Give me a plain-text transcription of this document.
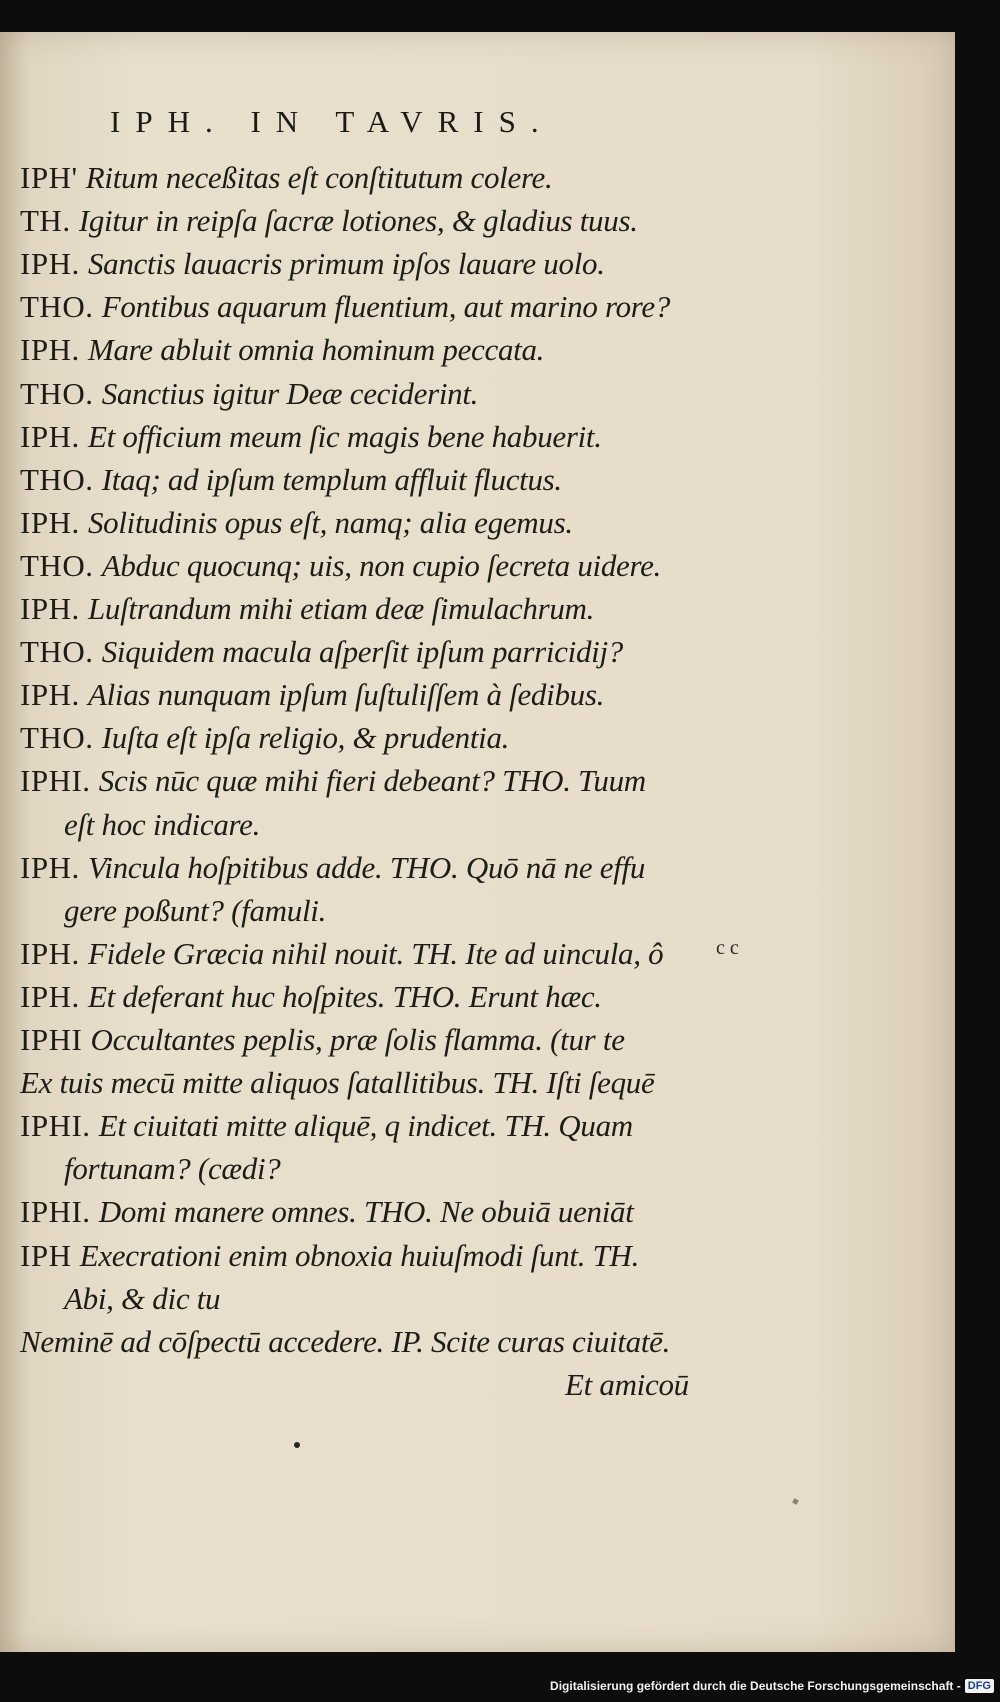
IPH. IN TAVRIS.
IPH' Ritum neceßitas eſt conſtitutum colere.
TH. Igitur in reipſa ſacræ lotiones, & gladius tuus.
IPH. Sanctis lauacris primum ipſos lauare uolo.
THO. Fontibus aquarum fluentium, aut marino rore?
IPH. Mare abluit omnia hominum peccata.
THO. Sanctius igitur Deæ ceciderint.
IPH. Et officium meum ſic magis bene habuerit.
THO. Itaq; ad ipſum templum affluit fluctus.
IPH. Solitudinis opus eſt, namq; alia egemus.
THO. Abduc quocunq; uis, non cupio ſecreta uidere.
IPH. Luſtrandum mihi etiam deæ ſimulachrum.
THO. Siquidem macula aſperſit ipſum parricidij?
IPH. Alias nunquam ipſum ſuſtuliſſem à ſedibus.
THO. Iuſta eſt ipſa religio, & prudentia.
IPHI. Scis nūc quæ mihi fieri debeant? THO. Tuum
eſt hoc indicare.
IPH. Vincula hoſpitibus adde. THO. Quō nā ne effu
gere poßunt? (famuli.
IPH. Fidele Græcia nihil nouit. TH. Ite ad uincula, ô
IPH. Et deferant huc hoſpites. THO. Erunt hæc.
IPHI Occultantes peplis, præ ſolis flamma. (tur te
Ex tuis mecū mitte aliquos ſatallitibus. TH. Iſti ſequē
IPHI. Et ciuitati mitte aliquē, q indicet. TH. Quam
fortunam? (cædi?
IPHI. Domi manere omnes. THO. Ne obuiā ueniāt
IPH Execrationi enim obnoxia huiuſmodi ſunt. TH.
Abi, & dic tu
Neminē ad cōſpectū accedere. IP. Scite curas ciuitatē.
Et amicoū
c c
Digitalisierung gefördert durch die Deutsche Forschungsgemeinschaft - DFG
